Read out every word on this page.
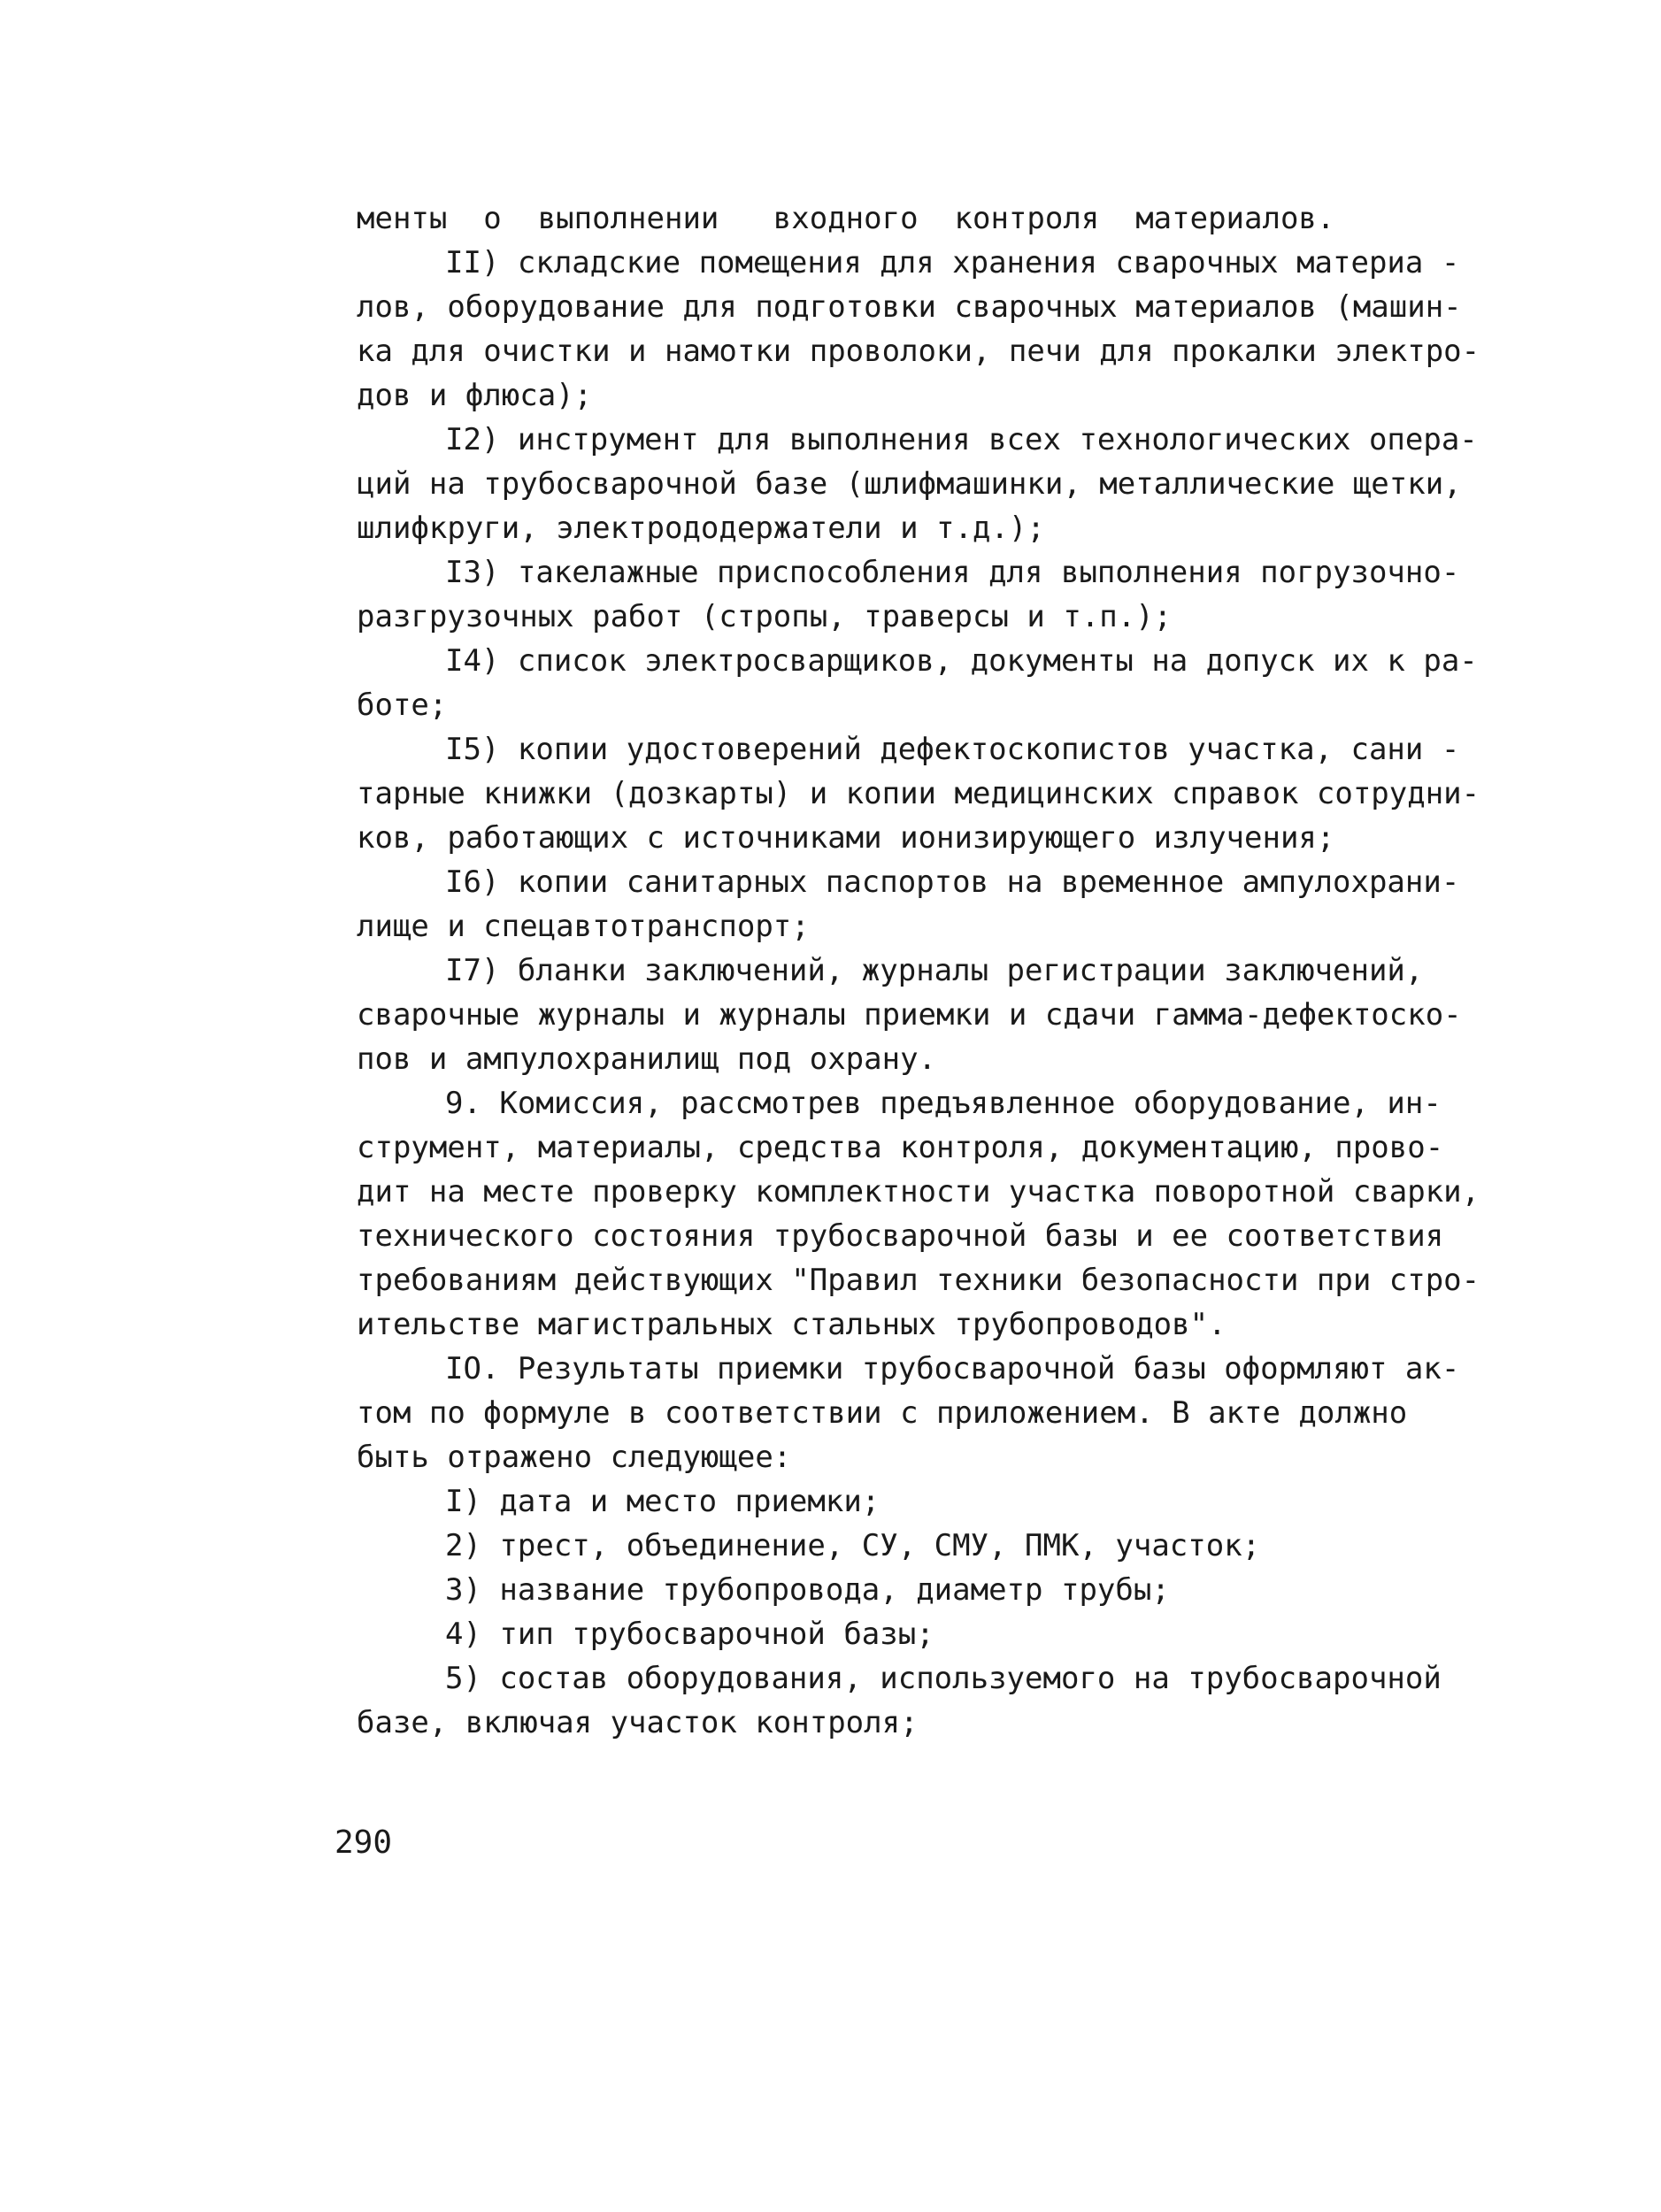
менты  о  выполнении   входного  контроля  материалов.
II) складские помещения для хранения сварочных материа -
лов, оборудование для подготовки сварочных материалов (машин-
ка для очистки и намотки проволоки, печи для прокалки электро-
дов и флюса);
I2) инструмент для выполнения всех технологических опера-
ций на трубосварочной базе (шлифмашинки, металлические щетки,
шлифкруги, электрододержатели и т.д.);
I3) такелажные приспособления для выполнения погрузочно-
разгрузочных работ (стропы, траверсы и т.п.);
I4) список электросварщиков, документы на допуск их к ра-
боте;
I5) копии удостоверений дефектоскопистов участка, сани -
тарные книжки (дозкарты) и копии медицинских справок сотрудни-
ков, работающих с источниками ионизирующего излучения;
I6) копии санитарных паспортов на временное ампулохрани-
лище и спецавтотранспорт;
I7) бланки заключений, журналы регистрации заключений,
сварочные журналы и журналы приемки и сдачи гамма-дефектоско-
пов и ампулохранилищ под охрану.
9. Комиссия, рассмотрев предъявленное оборудование, ин-
струмент, материалы, средства контроля, документацию, прово-
дит на месте проверку комплектности участка поворотной сварки,
технического состояния трубосварочной базы и ее соответствия
требованиям действующих "Правил техники безопасности при стро-
ительстве магистральных стальных трубопроводов".
IO. Результаты приемки трубосварочной базы оформляют ак-
том по формуле в соответствии с приложением. В акте должно
быть отражено следующее:
I) дата и место приемки;
2) трест, объединение, СУ, СМУ, ПМК, участок;
3) название трубопровода, диаметр трубы;
4) тип трубосварочной базы;
5) состав оборудования, используемого на трубосварочной
базе, включая участок контроля;
290
